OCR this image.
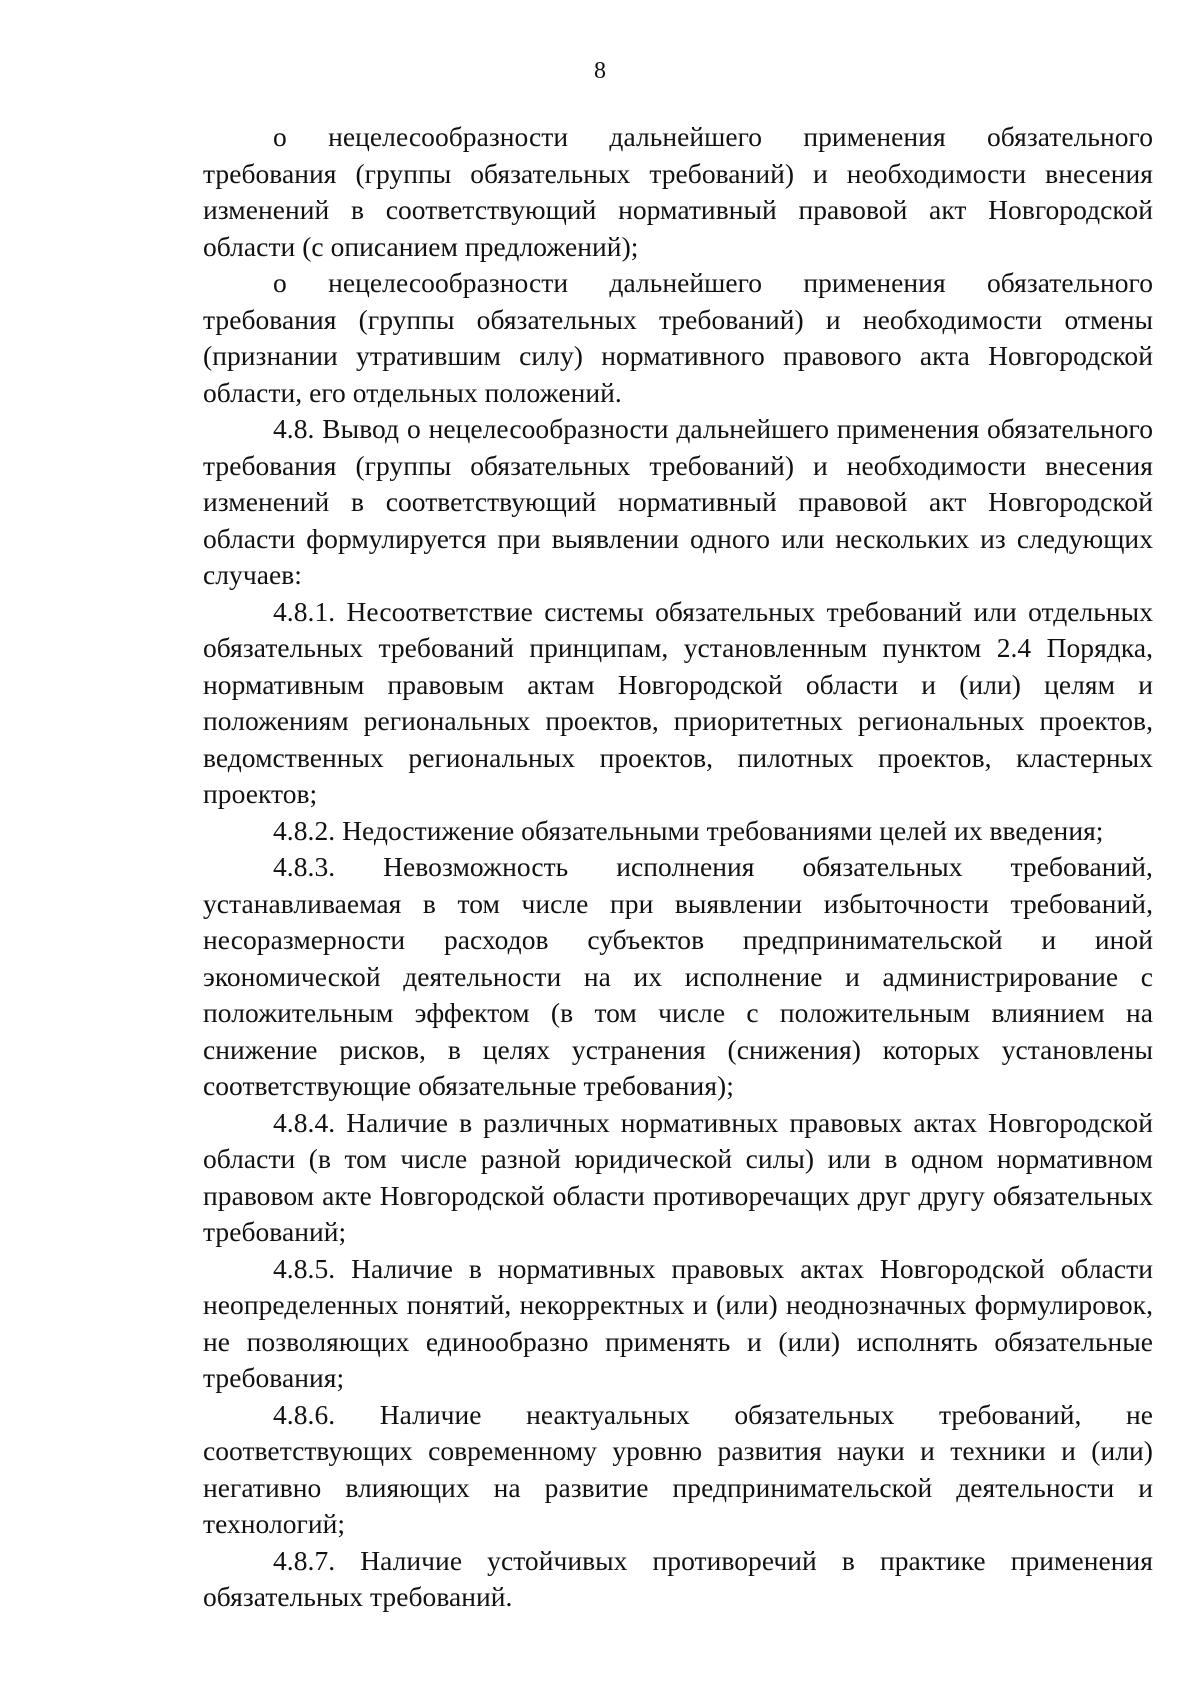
8

о нецелесообразности дальнейшего применения обязательного требования (группы обязательных требований) и необходимости внесения изменений в соответствующий нормативный правовой акт Новгородской области (с описанием предложений);

о нецелесообразности дальнейшего применения обязательного требования (группы обязательных требований) и необходимости отмены (признании утратившим силу) нормативного правового акта Новгородской области, его отдельных положений.

4.8. Вывод о нецелесообразности дальнейшего применения обязательного требования (группы обязательных требований) и необходимости внесения изменений в соответствующий нормативный правовой акт Новгородской области формулируется при выявлении одного или нескольких из следующих случаев:

4.8.1. Несоответствие системы обязательных требований или отдельных обязательных требований принципам, установленным пунктом 2.4 Порядка, нормативным правовым актам Новгородской области и (или) целям и положениям региональных проектов, приоритетных региональных проектов, ведомственных региональных проектов, пилотных проектов, кластерных проектов;

4.8.2. Недостижение обязательными требованиями целей их введения;

4.8.3. Невозможность исполнения обязательных требований, устанавливаемая в том числе при выявлении избыточности требований, несоразмерности расходов субъектов предпринимательской и иной экономической деятельности на их исполнение и администрирование с положительным эффектом (в том числе с положительным влиянием на снижение рисков, в целях устранения (снижения) которых установлены соответствующие обязательные требования);

4.8.4. Наличие в различных нормативных правовых актах Новгородской области (в том числе разной юридической силы) или в одном нормативном правовом акте Новгородской области противоречащих друг другу обязательных требований;

4.8.5. Наличие в нормативных правовых актах Новгородской области неопределенных понятий, некорректных и (или) неоднозначных формулировок, не позволяющих единообразно применять и (или) исполнять обязательные требования;

4.8.6. Наличие неактуальных обязательных требований, не соответствующих современному уровню развития науки и техники и (или) негативно влияющих на развитие предпринимательской деятельности и технологий;

4.8.7. Наличие устойчивых противоречий в практике применения обязательных требований.
